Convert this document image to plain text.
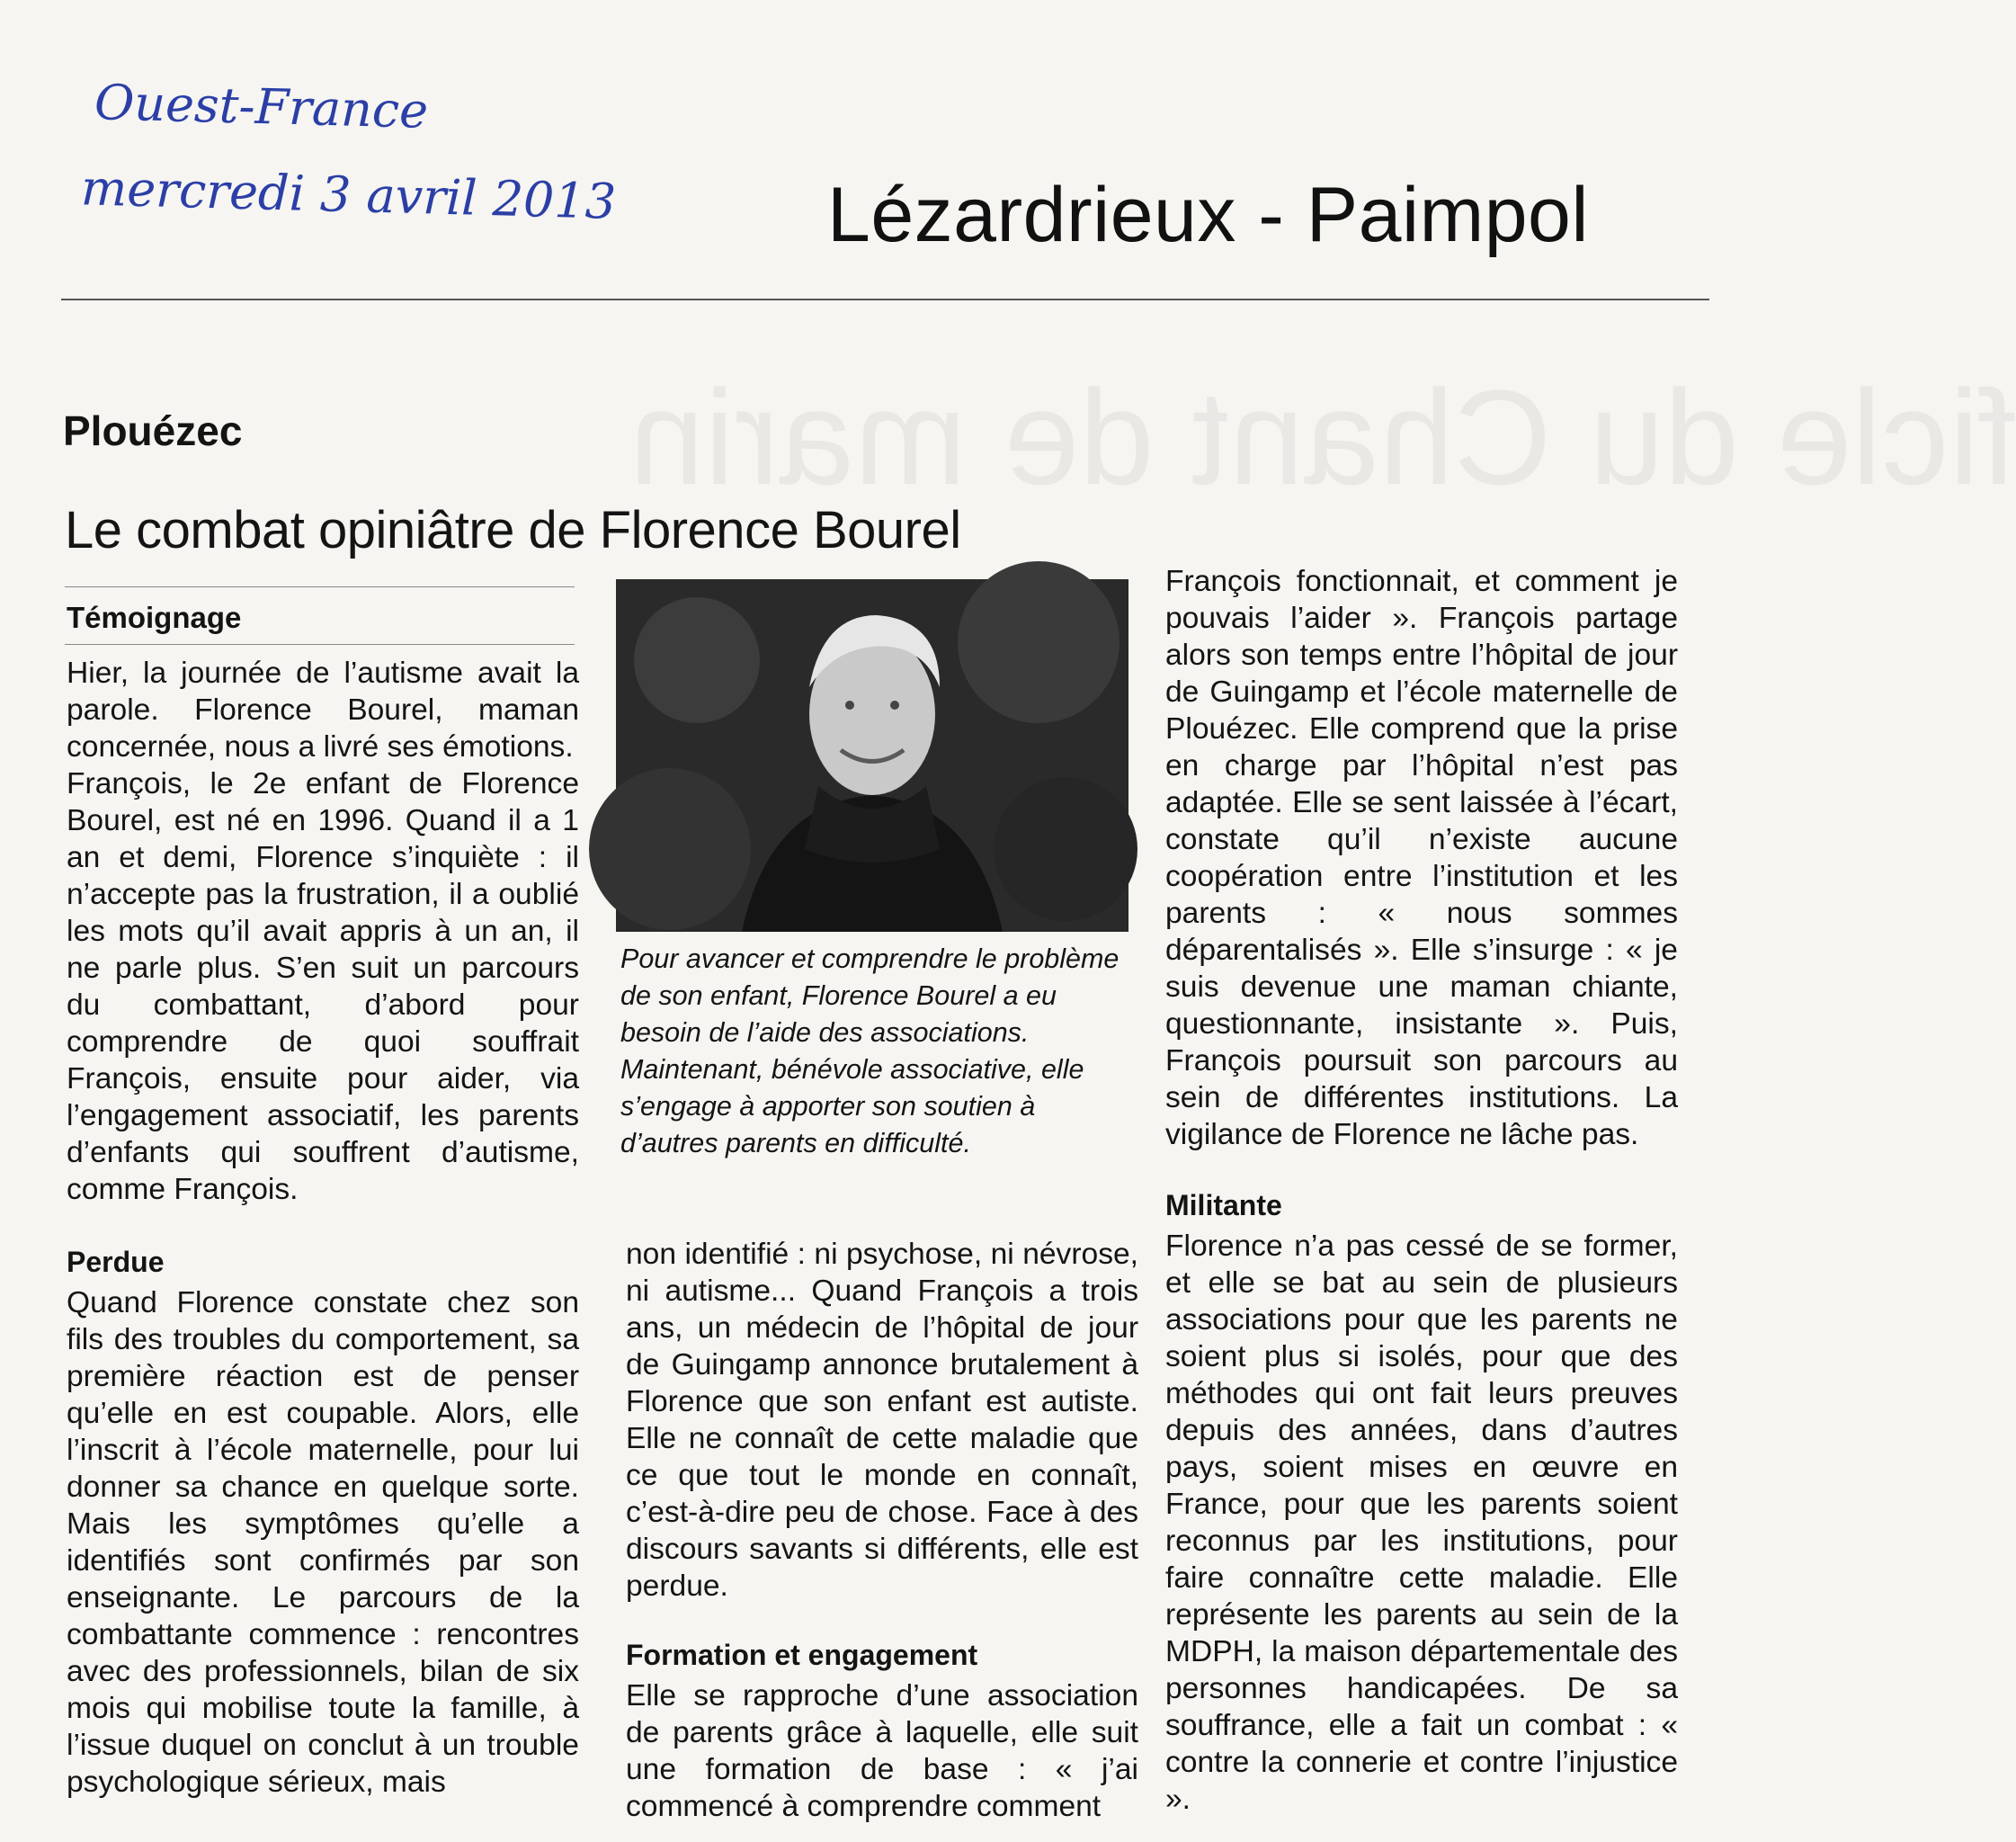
ficle du Chant de marin
Ouest-France
mercredi 3 avril 2013	Lézardrieux - Paimpol
Plouézec
Le combat opiniâtre de Florence Bourel
Témoignage

Hier, la journée de l’autisme avait la parole. Florence Bourel, maman concernée, nous a livré ses émotions.

François, le 2e enfant de Florence Bourel, est né en 1996. Quand il a 1 an et demi, Florence s’inquiète : il n’accepte pas la frustration, il a oublié les mots qu’il avait appris à un an, il ne parle plus. S’en suit un parcours du combattant, d’abord pour comprendre de quoi souffrait François, ensuite pour aider, via l’engagement associatif, les parents d’enfants qui souffrent d’autisme, comme François.

Perdue

Quand Florence constate chez son fils des troubles du comportement, sa première réaction est de penser qu’elle en est coupable. Alors, elle l’inscrit à l’école maternelle, pour lui donner sa chance en quelque sorte. Mais les symptômes qu’elle a identifiés sont confirmés par son enseignante. Le parcours de la combattante commence : rencontres avec des professionnels, bilan de six mois qui mobilise toute la famille, à l’issue duquel on conclut à un trouble psychologique sérieux, mais

Pour avancer et comprendre le problème de son enfant, Florence Bourel a eu besoin de l’aide des associations. Maintenant, bénévole associative, elle s’engage à apporter son soutien à d’autres parents en difficulté.

non identifié : ni psychose, ni névrose, ni autisme... Quand François a trois ans, un médecin de l’hôpital de jour de Guingamp annonce brutalement à Florence que son enfant est autiste. Elle ne connaît de cette maladie que ce que tout le monde en connaît, c’est-à-dire peu de chose. Face à des discours savants si différents, elle est perdue.

Formation et engagement

Elle se rapproche d’une association de parents grâce à laquelle, elle suit une formation de base : « j’ai commencé à comprendre comment

François fonctionnait, et comment je pouvais l’aider ». François partage alors son temps entre l’hôpital de jour de Guingamp et l’école maternelle de Plouézec. Elle comprend que la prise en charge par l’hôpital n’est pas adaptée. Elle se sent laissée à l’écart, constate qu’il n’existe aucune coopération entre l’institution et les parents : « nous sommes déparentalisés ». Elle s’insurge : « je suis devenue une maman chiante, questionnante, insistante ». Puis, François poursuit son parcours au sein de différentes institutions. La vigilance de Florence ne lâche pas.

Militante

Florence n’a pas cessé de se former, et elle se bat au sein de plusieurs associations pour que les parents ne soient plus si isolés, pour que des méthodes qui ont fait leurs preuves depuis des années, dans d’autres pays, soient mises en œuvre en France, pour que les parents soient reconnus par les institutions, pour faire connaître cette maladie. Elle représente les parents au sein de la MDPH, la maison départementale des personnes handicapées. De sa souffrance, elle a fait un combat : « contre la connerie et contre l’injustice ».
